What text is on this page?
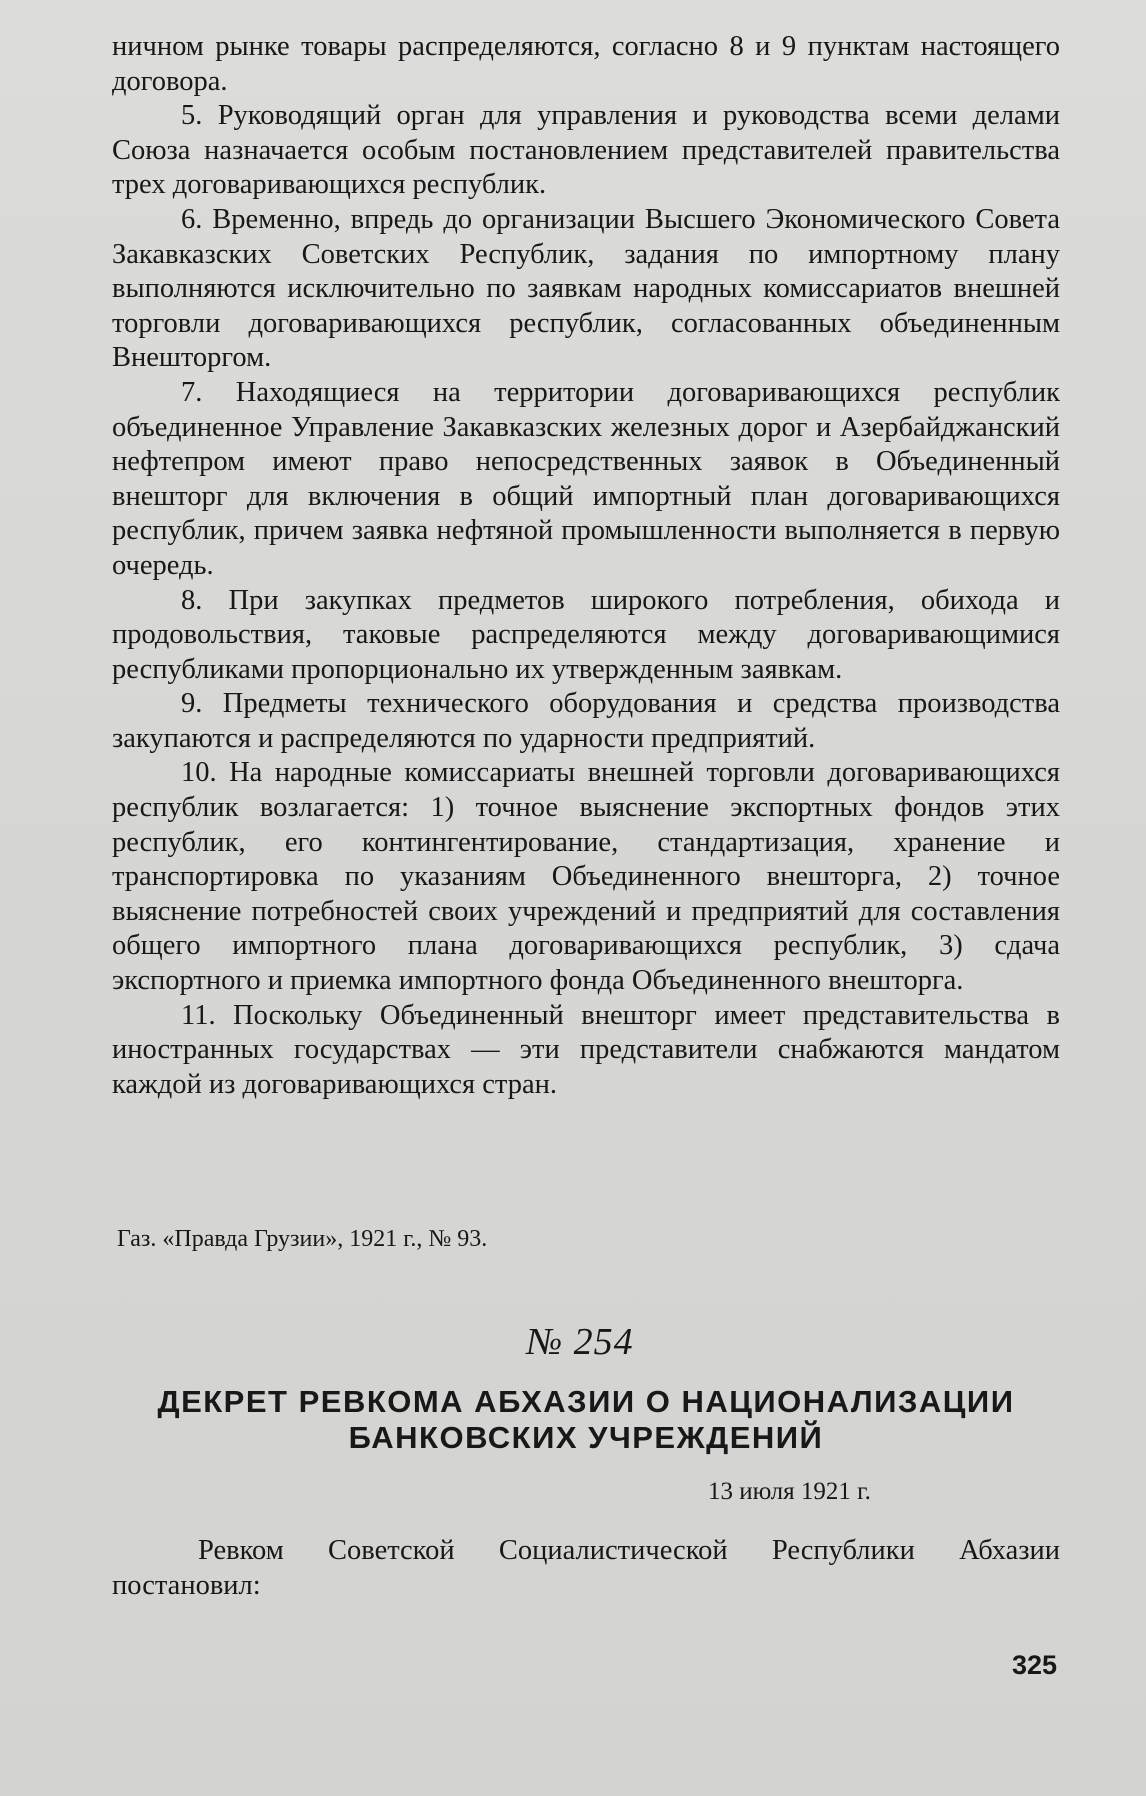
ничном рынке товары распределяются, согласно 8 и 9 пунктам настоящего договора.

5. Руководящий орган для управления и руководства всеми делами Союза назначается особым постановлением представителей правительства трех договаривающихся республик.

6. Временно, впредь до организации Высшего Экономического Совета Закавказских Советских Республик, задания по импортному плану выполняются исключительно по заявкам народных комиссариатов внешней торговли договаривающихся республик, согласованных объединенным Внешторгом.

7. Находящиеся на территории договаривающихся республик объединенное Управление Закавказских железных дорог и Азербайджанский нефтепром имеют право непосредственных заявок в Объединенный внешторг для включения в общий импортный план договаривающихся республик, причем заявка нефтяной промышленности выполняется в первую очередь.

8. При закупках предметов широкого потребления, обихода и продовольствия, таковые распределяются между договаривающимися республиками пропорционально их утвержденным заявкам.

9. Предметы технического оборудования и средства производства закупаются и распределяются по ударности предприятий.

10. На народные комиссариаты внешней торговли договаривающихся республик возлагается: 1) точное выяснение экспортных фондов этих республик, его контингентирование, стандартизация, хранение и транспортировка по указаниям Объединенного внешторга, 2) точное выяснение потребностей своих учреждений и предприятий для составления общего импортного плана договаривающихся республик, 3) сдача экспортного и приемка импортного фонда Объединенного внешторга.

11. Поскольку Объединенный внешторг имеет представительства в иностранных государствах — эти представители снабжаются мандатом каждой из договаривающихся стран.

Газ. «Правда Грузии», 1921 г., № 93.
№ 254
ДЕКРЕТ РЕВКОМА АБХАЗИИ О НАЦИОНАЛИЗАЦИИ БАНКОВСКИХ УЧРЕЖДЕНИЙ
13 июля 1921 г.

Ревком Советской Социалистической Республики Абхазии постановил:

325
